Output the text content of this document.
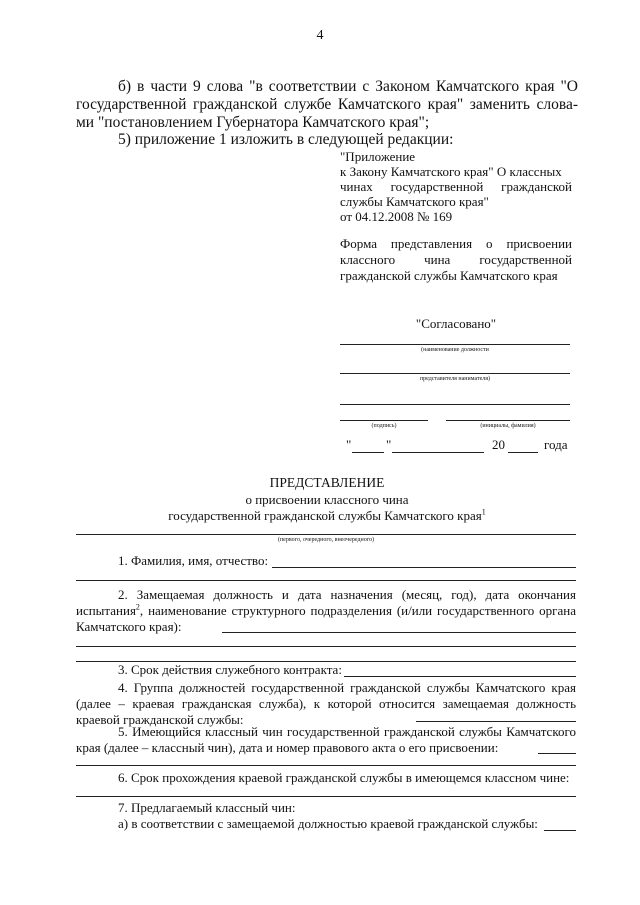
4
б) в части 9 слова "в соответствии с Законом Камчатского края "О
государственной гражданской службе Камчатского края" заменить слова-
ми "постановлением Губернатора Камчатского края";
5) приложение 1 изложить в следующей редакции:
"Приложение
к Закону Камчатского края" О классных
чинах государственной гражданской
службы Камчатского края"
от 04.12.2008 № 169
Форма представления о присвоении
классного чина государственной
гражданской службы Камчатского края
"Согласовано"
(наименование должности
представителя нанимателя)
(подпись)	(инициалы, фамилия)
"	"	20	года
ПРЕДСТАВЛЕНИЕ
о присвоении классного чина
государственной гражданской службы Камчатского края$^1$
(первого, очередного, внеочередного)
1. Фамилия, имя, отчество:
2. Замещаемая должность и дата назначения (месяц, год), дата окончания
испытания$^2$, наименование структурного подразделения (и/или государственного органа
Камчатского края):
3. Срок действия служебного контракта:
4. Группа должностей государственной гражданской службы Камчатского края
(далее – краевая гражданская служба), к которой относится замещаемая должность
краевой гражданской службы:
5. Имеющийся классный чин государственной гражданской службы Камчатского
края (далее – классный чин), дата и номер правового акта о его присвоении:
6. Срок прохождения краевой гражданской службы в имеющемся классном чине:
7. Предлагаемый классный чин:
а) в соответствии с замещаемой должностью краевой гражданской службы:
